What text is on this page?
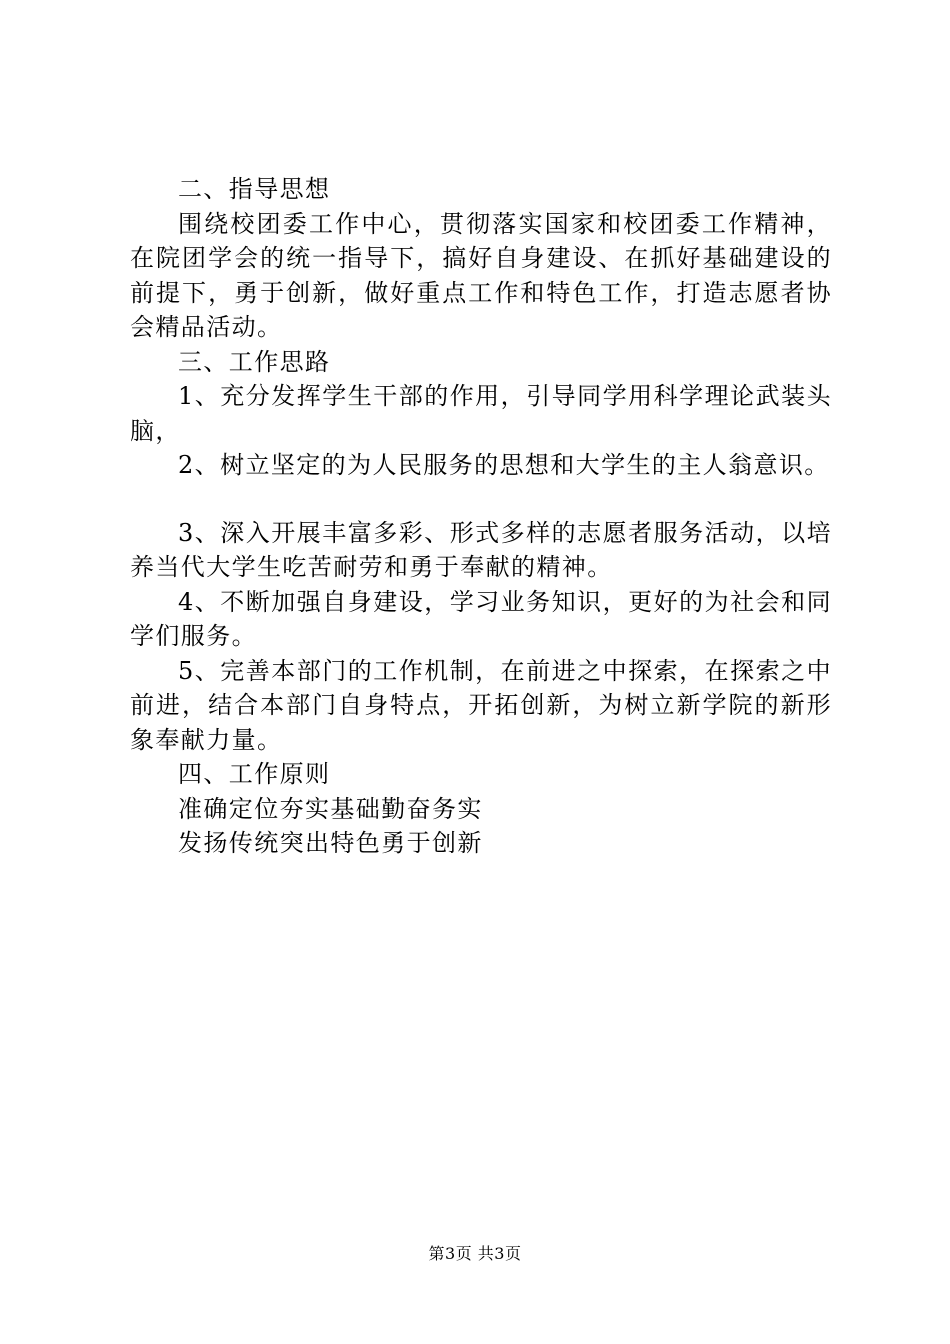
二、指导思想

围绕校团委工作中心，贯彻落实国家和校团委工作精神，在院团学会的统一指导下，搞好自身建设、在抓好基础建设的前提下，勇于创新，做好重点工作和特色工作，打造志愿者协会精品活动。

三、工作思路

1、充分发挥学生干部的作用，引导同学用科学理论武装头脑，

2、树立坚定的为人民服务的思想和大学生的主人翁意识。

3、深入开展丰富多彩、形式多样的志愿者服务活动，以培养当代大学生吃苦耐劳和勇于奉献的精神。

4、不断加强自身建设，学习业务知识，更好的为社会和同学们服务。

5、完善本部门的工作机制，在前进之中探索，在探索之中前进，结合本部门自身特点，开拓创新，为树立新学院的新形象奉献力量。

四、工作原则

准确定位夯实基础勤奋务实

发扬传统突出特色勇于创新

第3页 共3页
